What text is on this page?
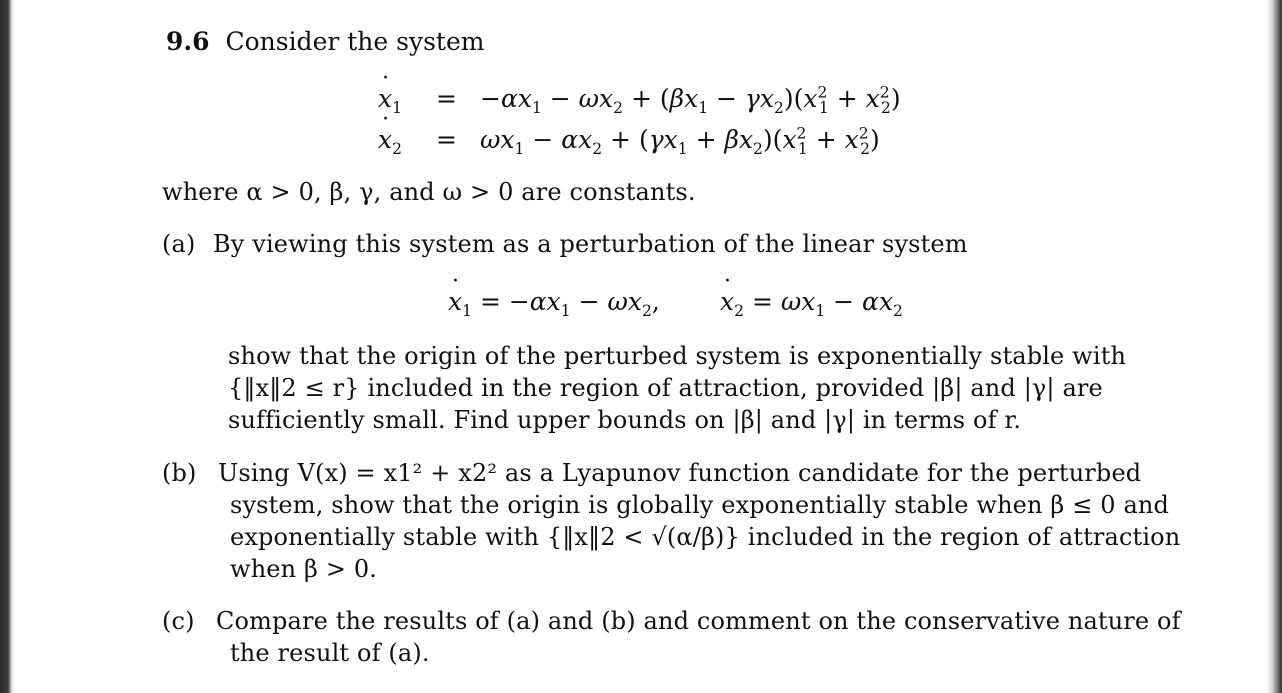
9.6 Consider the system
x $˙_1 = -\alpha x_1 - \omega x_2 + (\beta x_1 - \gamma x_2)(x^2_1 + x^2_2)$
x $˙_2 = \omega x_1 - \alpha x_2 + (\gamma x_1 + \beta x_2)(x^2_1 + x^2_2)$
where α > 0, β, γ, and ω > 0 are constants.
(a) By viewing this system as a perturbation of the linear system
x $˙_1 = -\alpha x_1 - \omega x_2$, x $˙_2 = \omega x_1 - \alpha x_2$
show that the origin of the perturbed system is exponentially stable with
{‖x‖2 ≤ r} included in the region of attraction, provided |β| and |γ| are
sufficiently small. Find upper bounds on |β| and |γ| in terms of r.
(b) Using V(x) = x1² + x2² as a Lyapunov function candidate for the perturbed
system, show that the origin is globally exponentially stable when β ≤ 0 and
exponentially stable with {‖x‖2 < √(α/β)} included in the region of attraction
when β > 0.
(c) Compare the results of (a) and (b) and comment on the conservative nature of
the result of (a).
